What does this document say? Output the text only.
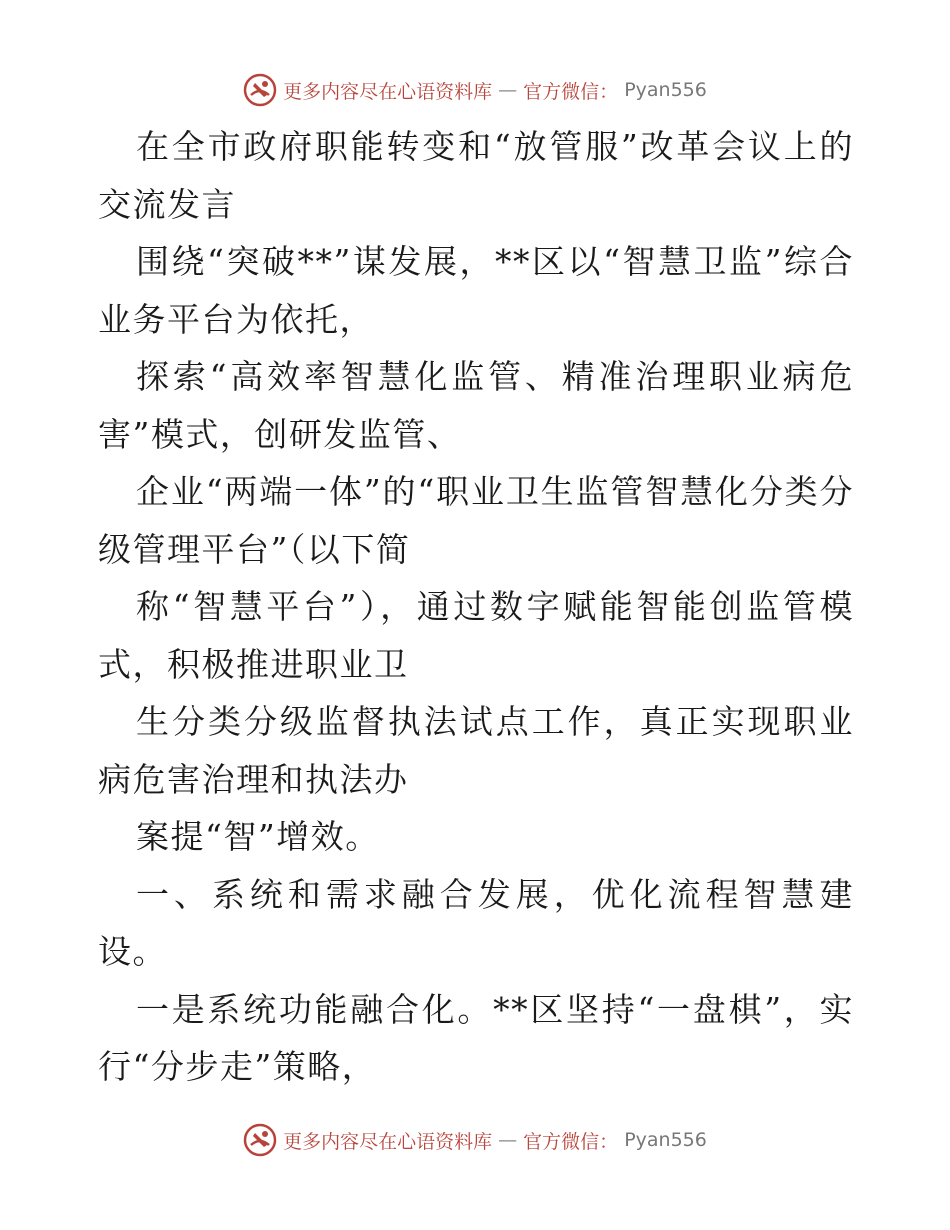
更多内容尽在心语资料库 — 官方微信： Pyan556

在全市政府职能转变和“放管服”改革会议上的交流发言

围绕“突破**”谋发展，**区以“智慧卫监”综合业务平台为依托，

探索“高效率智慧化监管、精准治理职业病危害”模式，创研发监管、

企业“两端一体”的“职业卫生监管智慧化分类分级管理平台”（以下简

称“智慧平台”），通过数字赋能智能创监管模式，积极推进职业卫

生分类分级监督执法试点工作，真正实现职业病危害治理和执法办

案提“智”增效。

一、系统和需求融合发展，优化流程智慧建设。

一是系统功能融合化。**区坚持“一盘棋”，实行“分步走”策略，

更多内容尽在心语资料库 — 官方微信： Pyan556
